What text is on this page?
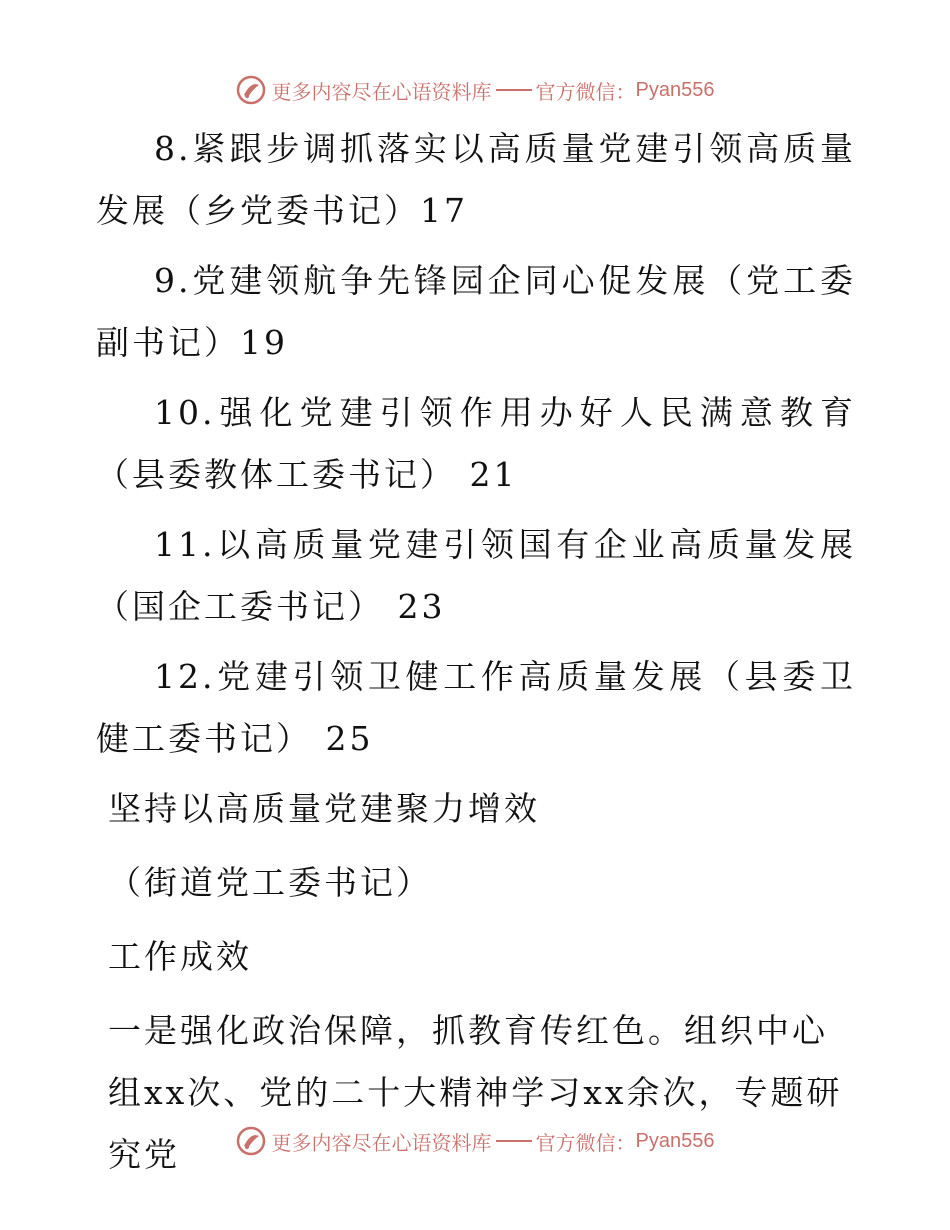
更多内容尽在心语资料库 官方微信： Pyan556

8.紧跟步调抓落实以高质量党建引领高质量发展（乡党委书记）17

9.党建领航争先锋园企同心促发展（党工委副书记）19

10.强化党建引领作用办好人民满意教育（县委教体工委书记） 21

11.以高质量党建引领国有企业高质量发展（国企工委书记） 23

12.党建引领卫健工作高质量发展（县委卫健工委书记） 25

坚持以高质量党建聚力增效

（街道党工委书记）

工作成效

一是强化政治保障，抓教育传红色。组织中心组xx次、党的二十大精神学习xx余次，专题研究党	更多内容尽在心语资料库 官方微信： Pyan556
